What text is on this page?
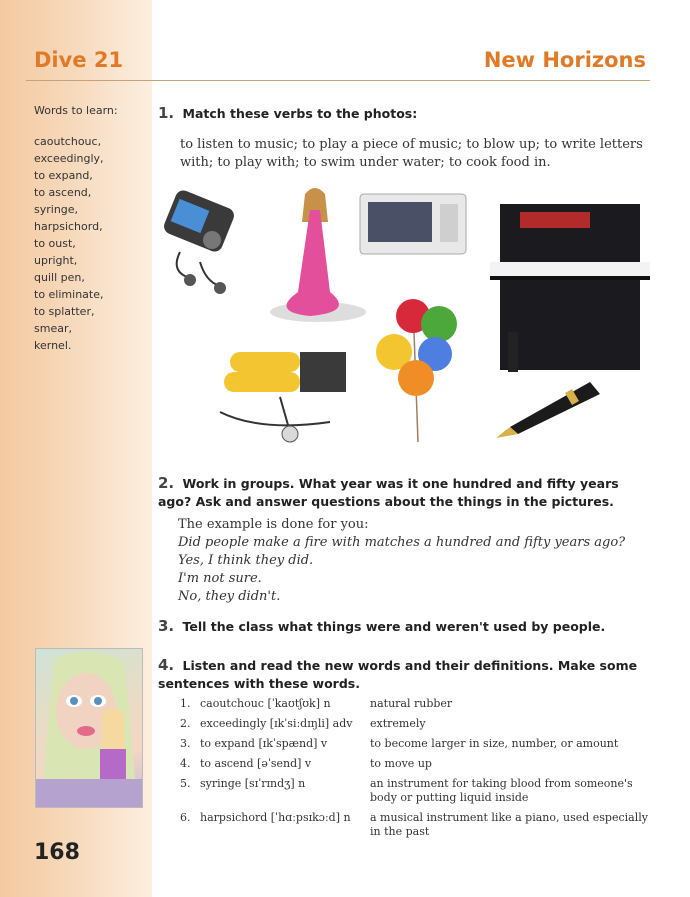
Dive 21	New Horizons
Words to learn:
caoutchouc,
exceedingly,
to expand,
to ascend,
syringe,
harpsichord,
to oust,
upright,
quill pen,
to eliminate,
to splatter,
smear,
kernel.
168
1. Match these verbs to the photos:
to listen to music; to play a piece of music; to blow up; to write letters with; to play with; to swim under water; to cook food in.
2. Work in groups. What year was it one hundred and fifty years ago? Ask and answer questions about the things in the pictures.
The example is done for you:
Did people make a fire with matches a hundred and fifty years ago?
Yes, I think they did.
I'm not sure.
No, they didn't.
3. Tell the class what things were and weren't used by people.
4. Listen and read the new words and their definitions. Make some sentences with these words.
1. caoutchouc [ˈkaʊtʃʊk] n	natural rubber
2. exceedingly [ɪkˈsiːdɪŋli] adv	extremely
3. to expand [ɪkˈspænd] v	to become larger in size, number, or amount
4. to ascend [əˈsend] v	to move up
5. syringe [sɪˈrɪndʒ] n	an instrument for taking blood from someone's body or putting liquid inside
6. harpsichord [ˈhɑːpsɪkɔːd] n	a musical instrument like a piano, used especially in the past
